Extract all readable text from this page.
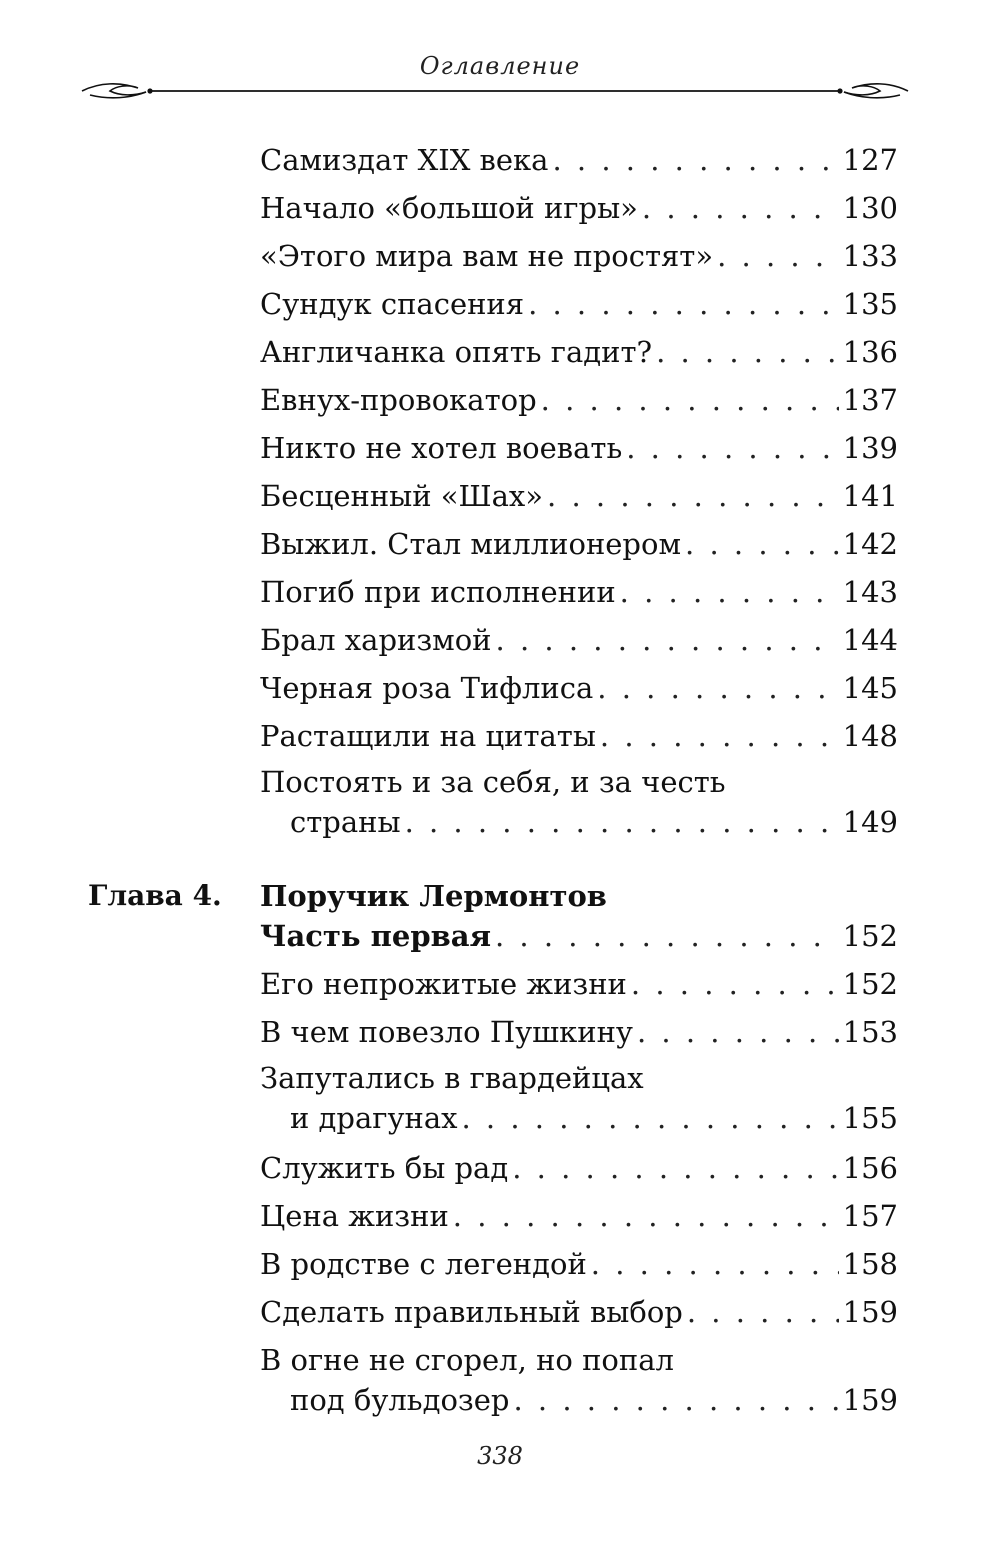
Оглавление
Самиздат XIX века . . .	127
Начало «большой игры» . . .	130
«Этого мира вам не простят» . . .	133
Сундук спасения . . .	135
Англичанка опять гадит? . . .	136
Евнух-провокатор . . .	137
Никто не хотел воевать . . .	139
Бесценный «Шах» . . .	141
Выжил. Стал миллионером . . .	142
Погиб при исполнении . . .	143
Брал харизмой . . .	144
Черная роза Тифлиса . . .	145
Растащили на цитаты . . .	148
Постоять и за себя, и за честь
страны . . .	149
Глава 4. Поручик Лермонтов
Часть первая . . .	152
Его непрожитые жизни . . .	152
В чем повезло Пушкину . . .	153
Запутались в гвардейцах
и драгунах . . .	155
Служить бы рад . . .	156
Цена жизни . . .	157
В родстве с легендой . . .	158
Сделать правильный выбор . . .	159
В огне не сгорел, но попал
под бульдозер . . .	159
338
